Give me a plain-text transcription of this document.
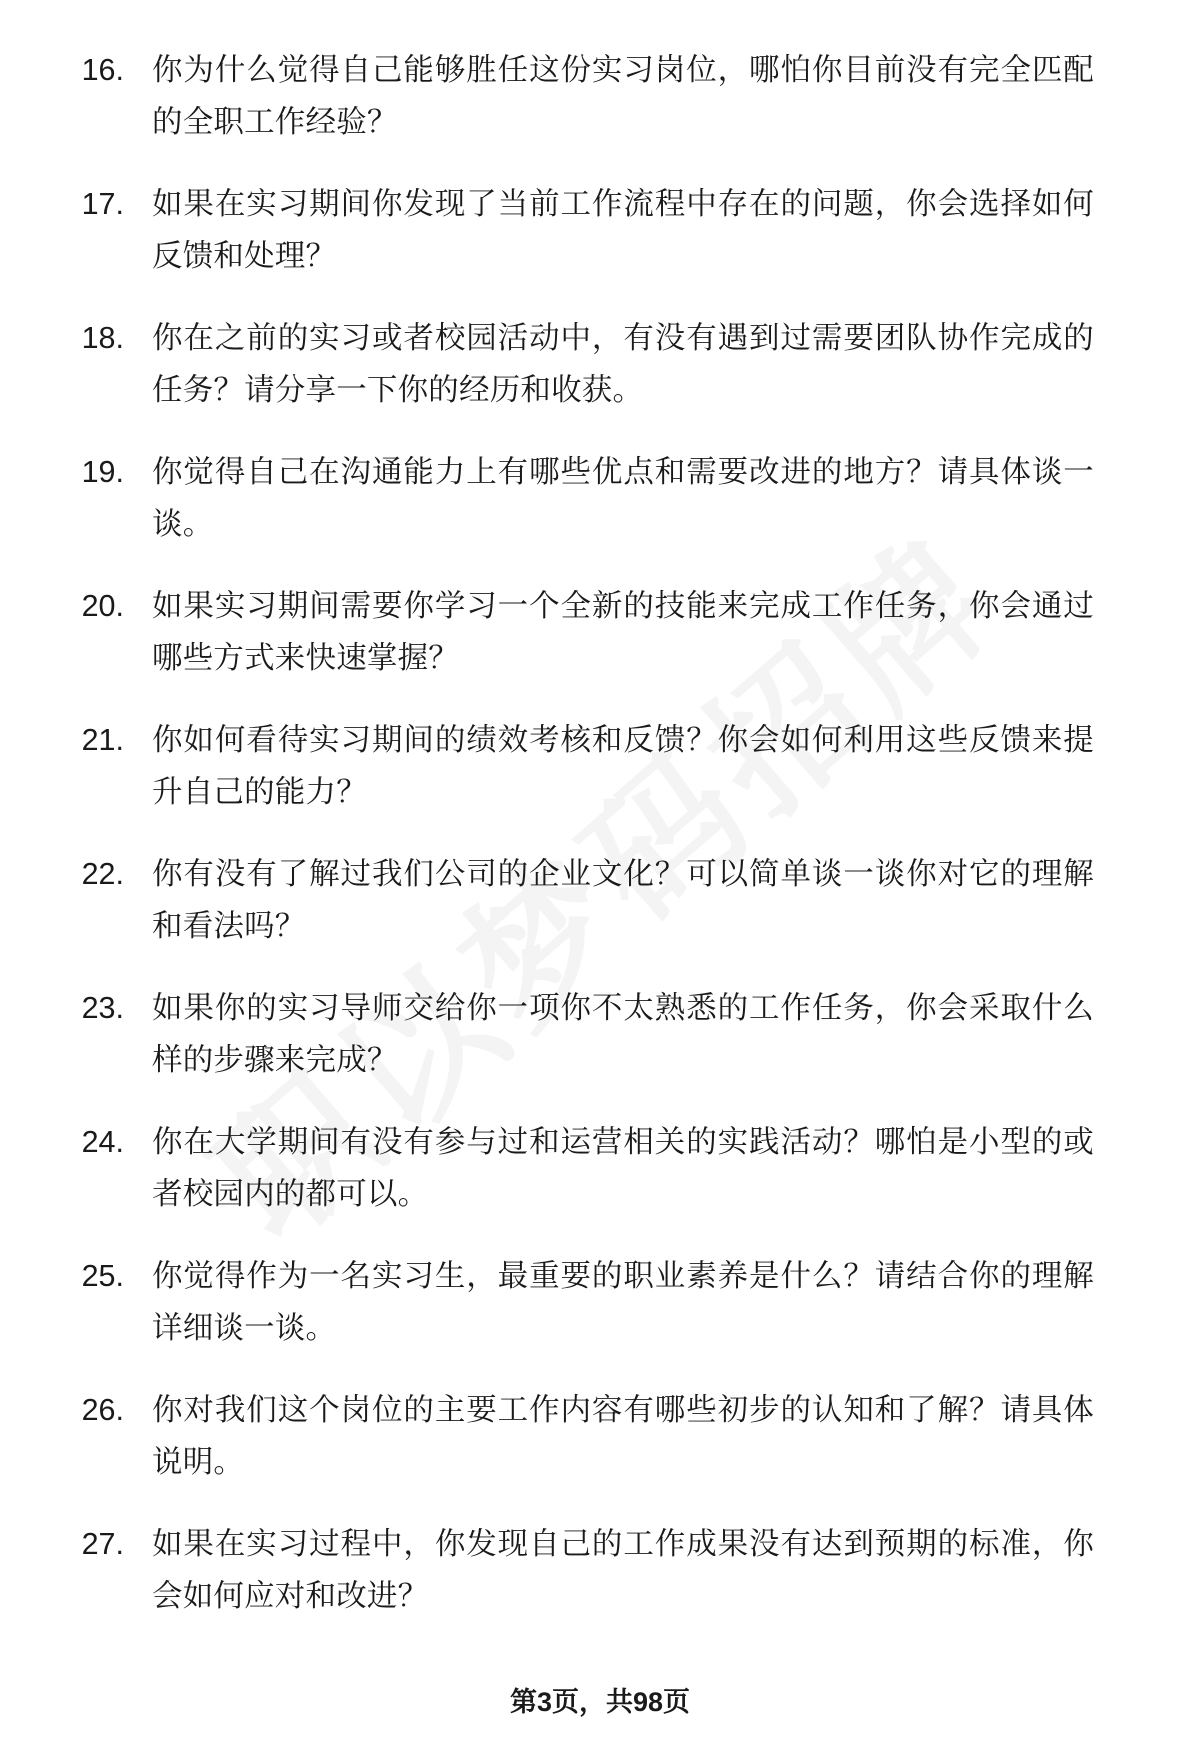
16. 你为什么觉得自己能够胜任这份实习岗位，哪怕你目前没有完全匹配的全职工作经验？
17. 如果在实习期间你发现了当前工作流程中存在的问题，你会选择如何反馈和处理？
18. 你在之前的实习或者校园活动中，有没有遇到过需要团队协作完成的任务？请分享一下你的经历和收获。
19. 你觉得自己在沟通能力上有哪些优点和需要改进的地方？请具体谈一谈。
20. 如果实习期间需要你学习一个全新的技能来完成工作任务，你会通过哪些方式来快速掌握？
21. 你如何看待实习期间的绩效考核和反馈？你会如何利用这些反馈来提升自己的能力？
22. 你有没有了解过我们公司的企业文化？可以简单谈一谈你对它的理解和看法吗？
23. 如果你的实习导师交给你一项你不太熟悉的工作任务，你会采取什么样的步骤来完成？
24. 你在大学期间有没有参与过和运营相关的实践活动？哪怕是小型的或者校园内的都可以。
25. 你觉得作为一名实习生，最重要的职业素养是什么？请结合你的理解详细谈一谈。
26. 你对我们这个岗位的主要工作内容有哪些初步的认知和了解？请具体说明。
27. 如果在实习过程中，你发现自己的工作成果没有达到预期的标准，你会如何应对和改进？
第3页，共98页
